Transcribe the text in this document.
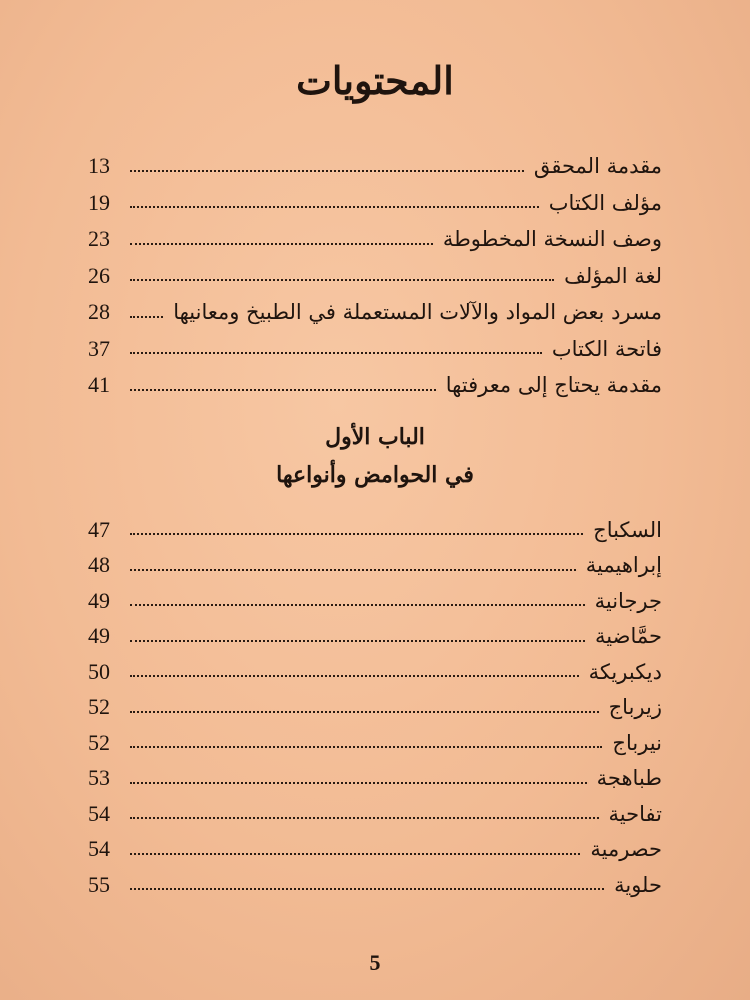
المحتويات
مقدمة المحقق
13
مؤلف الكتاب
19
وصف النسخة المخطوطة
23
لغة المؤلف
26
مسرد بعض المواد والآلات المستعملة في الطبيخ ومعانيها
28
فاتحة الكتاب
37
مقدمة يحتاج إلى معرفتها
41
الباب الأول
في الحوامض وأنواعها
السكباج
47
إبراهيمية
48
جرجانية
49
حمَّاضية
49
ديكبريكة
50
زيرباج
52
نيرباج
52
طباهجة
53
تفاحية
54
حصرمية
54
حلوية
55
5
